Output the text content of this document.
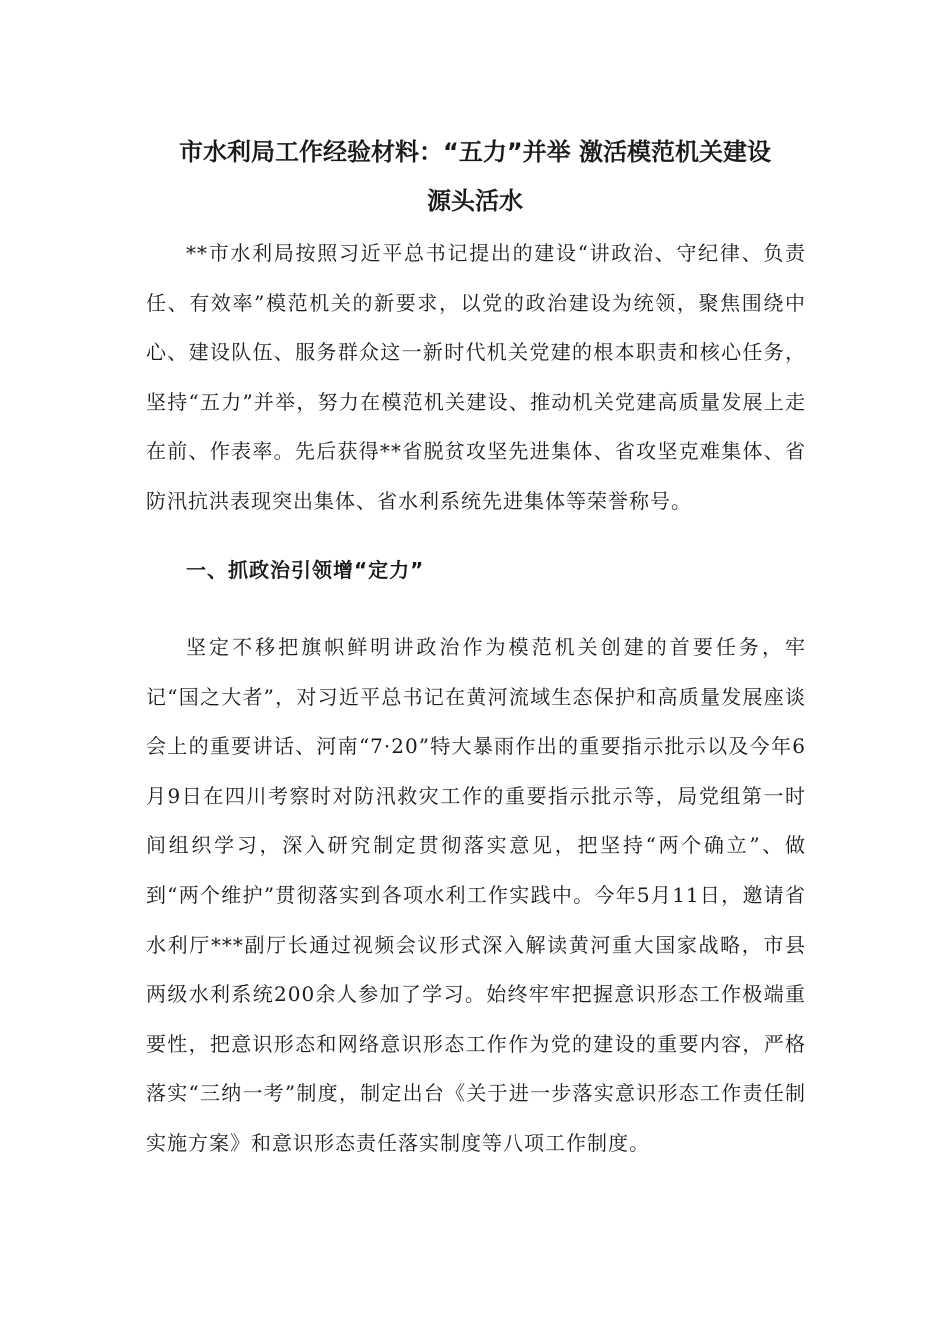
市水利局工作经验材料：“五力”并举 激活模范机关建设
源头活水

**市水利局按照习近平总书记提出的建设“讲政治、守纪律、负责任、有效率”模范机关的新要求，以党的政治建设为统领，聚焦围绕中心、建设队伍、服务群众这一新时代机关党建的根本职责和核心任务，坚持“五力”并举，努力在模范机关建设、推动机关党建高质量发展上走在前、作表率。先后获得**省脱贫攻坚先进集体、省攻坚克难集体、省防汛抗洪表现突出集体、省水利系统先进集体等荣誉称号。

一、抓政治引领增“定力”

坚定不移把旗帜鲜明讲政治作为模范机关创建的首要任务，牢记“国之大者”，对习近平总书记在黄河流域生态保护和高质量发展座谈会上的重要讲话、河南“7·20”特大暴雨作出的重要指示批示以及今年6月9日在四川考察时对防汛救灾工作的重要指示批示等，局党组第一时间组织学习，深入研究制定贯彻落实意见，把坚持“两个确立”、做到“两个维护”贯彻落实到各项水利工作实践中。今年5月11日，邀请省水利厅***副厅长通过视频会议形式深入解读黄河重大国家战略，市县两级水利系统200余人参加了学习。始终牢牢把握意识形态工作极端重要性，把意识形态和网络意识形态工作作为党的建设的重要内容，严格落实“三纳一考”制度，制定出台《关于进一步落实意识形态工作责任制实施方案》和意识形态责任落实制度等八项工作制度。
